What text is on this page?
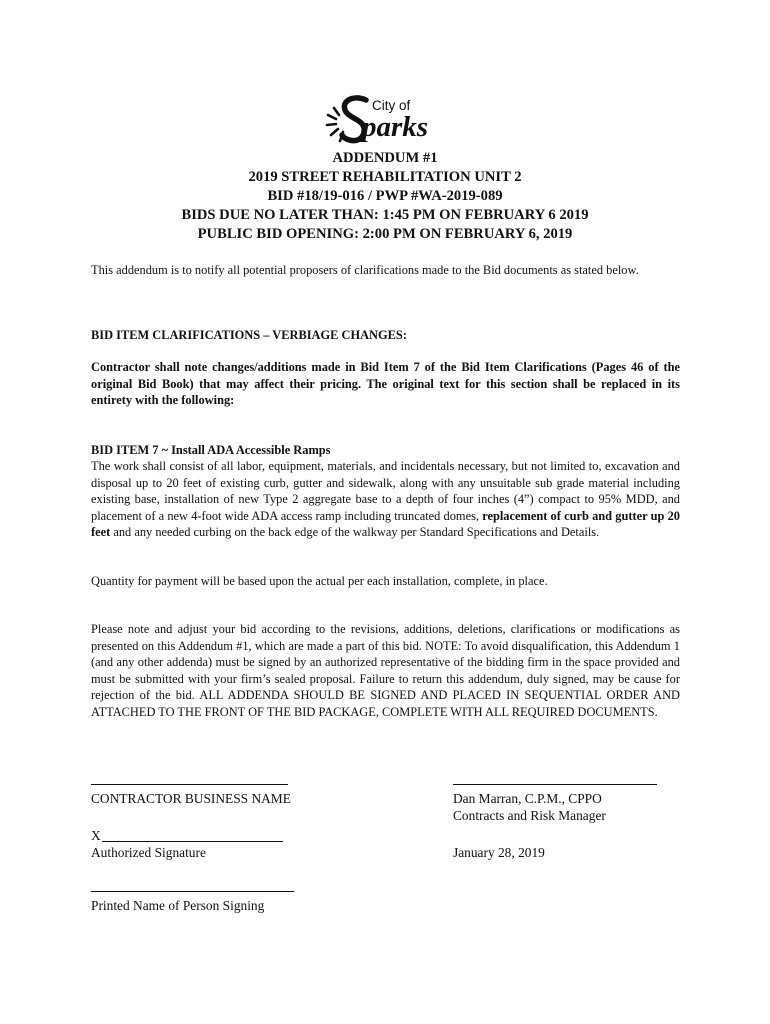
City of
parks
ADDENDUM #1
2019 STREET REHABILITATION UNIT 2
BID #18/19-016 / PWP #WA-2019-089
BIDS DUE NO LATER THAN: 1:45 PM ON FEBRUARY 6 2019
PUBLIC BID OPENING: 2:00 PM ON FEBRUARY 6, 2019

This addendum is to notify all potential proposers of clarifications made to the Bid documents as stated below.

BID ITEM CLARIFICATIONS – VERBIAGE CHANGES:

Contractor shall note changes/additions made in Bid Item 7 of the Bid Item Clarifications (Pages 46 of the original Bid Book) that may affect their pricing. The original text for this section shall be replaced in its entirety with the following:

BID ITEM 7 ~ Install ADA Accessible Ramps

The work shall consist of all labor, equipment, materials, and incidentals necessary, but not limited to, excavation and disposal up to 20 feet of existing curb, gutter and sidewalk, along with any unsuitable sub grade material including existing base, installation of new Type 2 aggregate base to a depth of four inches (4”) compact to 95% MDD, and placement of a new 4-foot wide ADA access ramp including truncated domes, replacement of curb and gutter up 20 feet and any needed curbing on the back edge of the walkway per Standard Specifications and Details.

Quantity for payment will be based upon the actual per each installation, complete, in place.

Please note and adjust your bid according to the revisions, additions, deletions, clarifications or modifications as presented on this Addendum #1, which are made a part of this bid. NOTE: To avoid disqualification, this Addendum 1 (and any other addenda) must be signed by an authorized representative of the bidding firm in the space provided and must be submitted with your firm’s sealed proposal. Failure to return this addendum, duly signed, may be cause for rejection of the bid. ALL ADDENDA SHOULD BE SIGNED AND PLACED IN SEQUENTIAL ORDER AND ATTACHED TO THE FRONT OF THE BID PACKAGE, COMPLETE WITH ALL REQUIRED DOCUMENTS.

CONTRACTOR BUSINESS NAME
X
Authorized Signature
Printed Name of Person Signing
Dan Marran, C.P.M., CPPO
Contracts and Risk Manager
January 28, 2019
